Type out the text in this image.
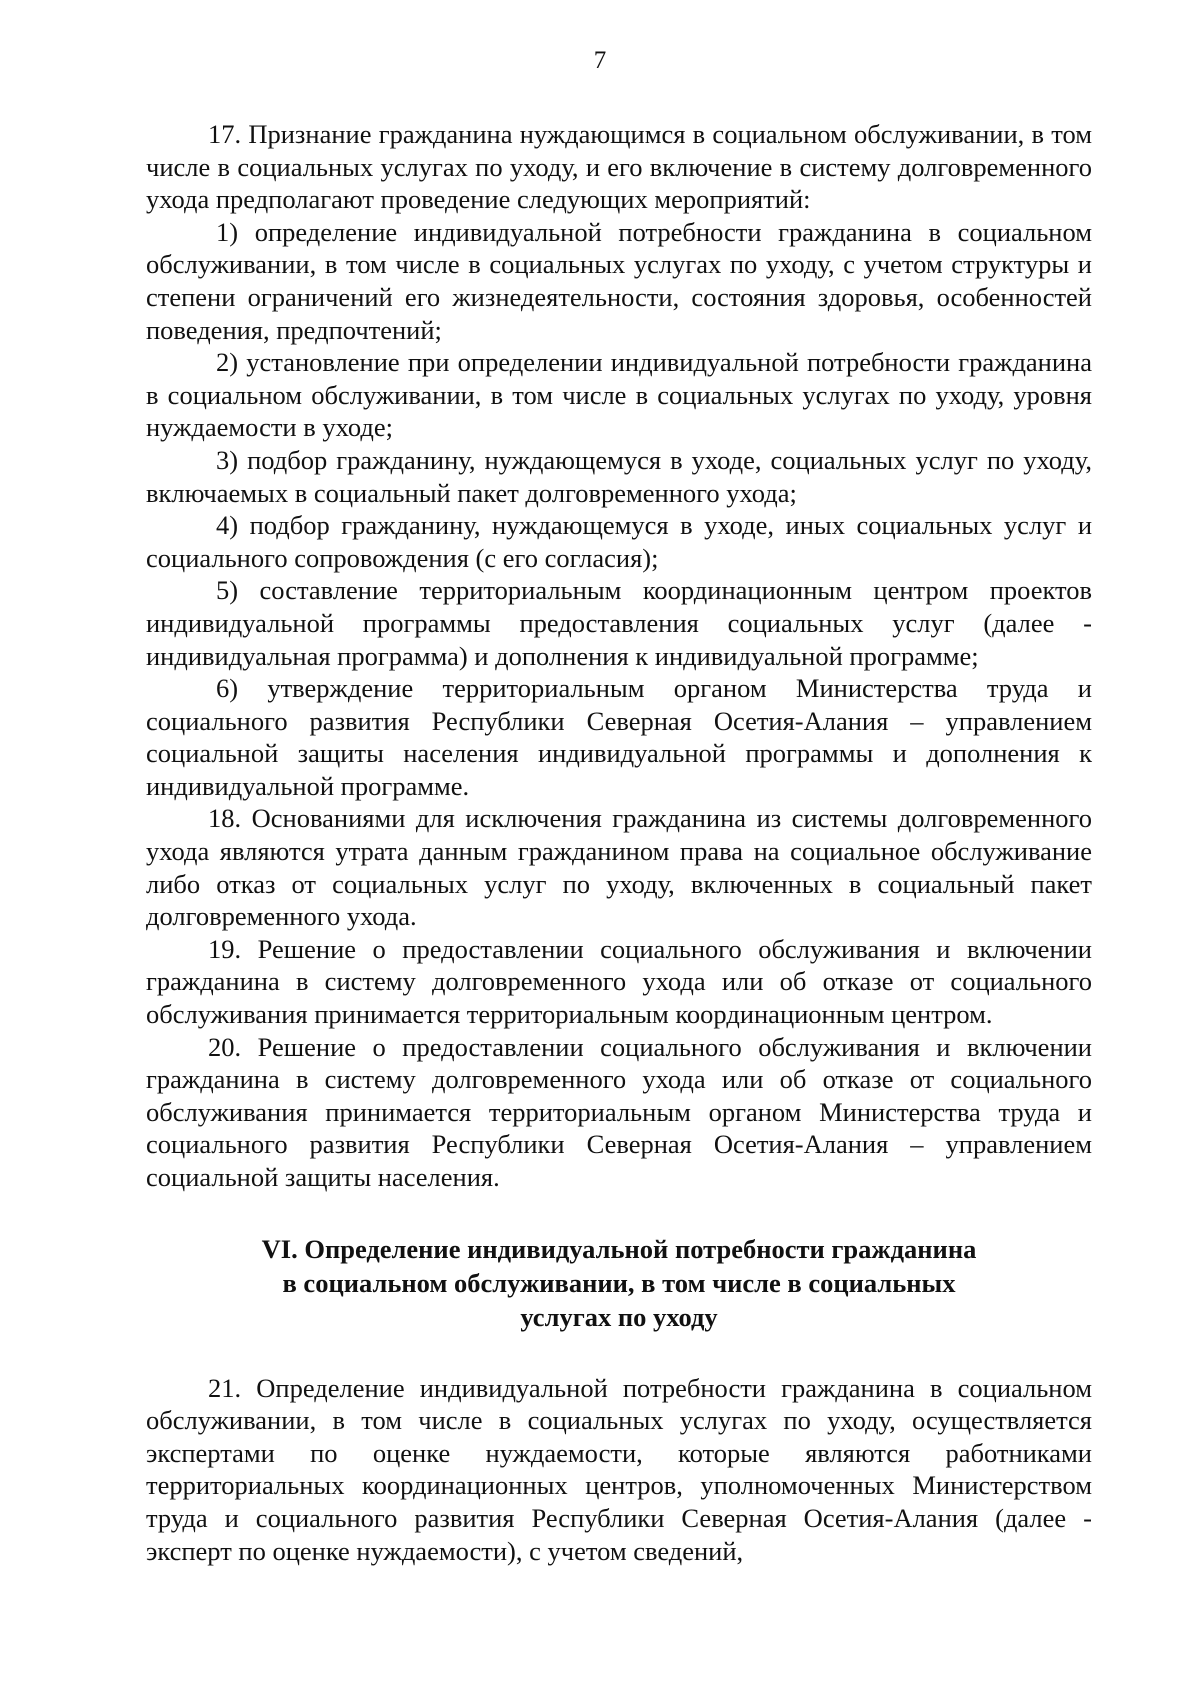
7

17. Признание гражданина нуждающимся в социальном обслуживании, в том числе в социальных услугах по уходу, и его включение в систему долговременного ухода предполагают проведение следующих мероприятий:

1) определение индивидуальной потребности гражданина в социальном обслуживании, в том числе в социальных услугах по уходу, с учетом структуры и степени ограничений его жизнедеятельности, состояния здоровья, особенностей поведения, предпочтений;

2) установление при определении индивидуальной потребности гражданина в социальном обслуживании, в том числе в социальных услугах по уходу, уровня нуждаемости в уходе;

3) подбор гражданину, нуждающемуся в уходе, социальных услуг по уходу, включаемых в социальный пакет долговременного ухода;

4) подбор гражданину, нуждающемуся в уходе, иных социальных услуг и социального сопровождения (с его согласия);

5) составление территориальным координационным центром проектов индивидуальной программы предоставления социальных услуг (далее - индивидуальная программа) и дополнения к индивидуальной программе;

6) утверждение территориальным органом Министерства труда и социального развития Республики Северная Осетия-Алания – управлением социальной защиты населения индивидуальной программы и дополнения к индивидуальной программе.

18. Основаниями для исключения гражданина из системы долговременного ухода являются утрата данным гражданином права на социальное обслуживание либо отказ от социальных услуг по уходу, включенных в социальный пакет долговременного ухода.

19. Решение о предоставлении социального обслуживания и включении гражданина в систему долговременного ухода или об отказе от социального обслуживания принимается территориальным координационным центром.

20. Решение о предоставлении социального обслуживания и включении гражданина в систему долговременного ухода или об отказе от социального обслуживания принимается территориальным органом Министерства труда и социального развития Республики Северная Осетия-Алания – управлением социальной защиты населения.

VI. Определение индивидуальной потребности гражданина в социальном обслуживании, в том числе в социальных услугах по уходу

21. Определение индивидуальной потребности гражданина в социальном обслуживании, в том числе в социальных услугах по уходу, осуществляется экспертами по оценке нуждаемости, которые являются работниками территориальных координационных центров, уполномоченных Министерством труда и социального развития Республики Северная Осетия-Алания (далее - эксперт по оценке нуждаемости), с учетом сведений,
